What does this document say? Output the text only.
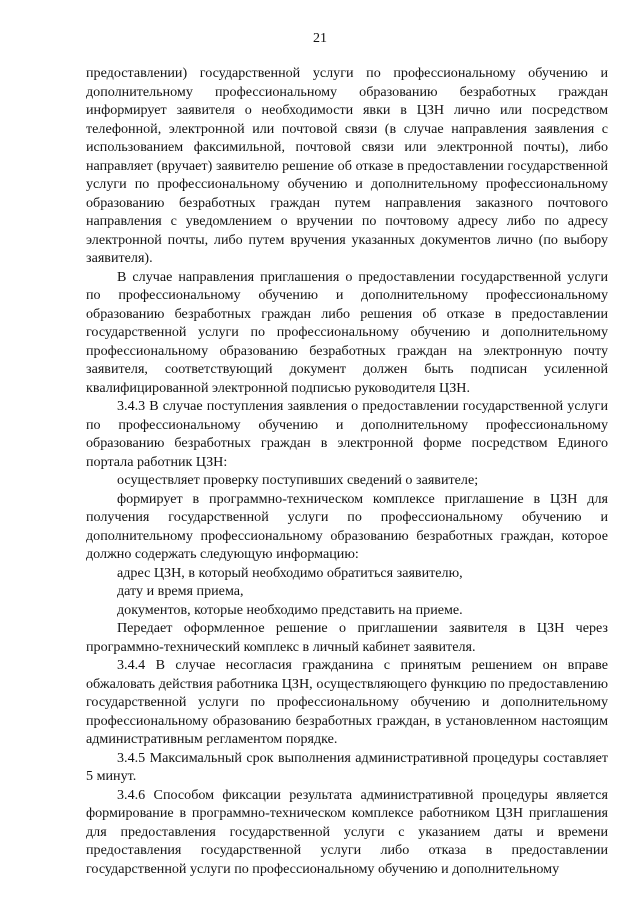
21

предоставлении) государственной услуги по профессиональному обучению и дополнительному профессиональному образованию безработных граждан информирует заявителя о необходимости явки в ЦЗН лично или посредством телефонной, электронной или почтовой связи (в случае направления заявления с использованием факсимильной, почтовой связи или электронной почты), либо направляет (вручает) заявителю решение об отказе в предоставлении государственной услуги по профессиональному обучению и дополнительному профессиональному образованию безработных граждан путем направления заказного почтового направления с уведомлением о вручении по почтовому адресу либо по адресу электронной почты, либо путем вручения указанных документов лично (по выбору заявителя).

В случае направления приглашения о предоставлении государственной услуги по профессиональному обучению и дополнительному профессиональному образованию безработных граждан либо решения об отказе в предоставлении государственной услуги по профессиональному обучению и дополнительному профессиональному образованию безработных граждан на электронную почту заявителя, соответствующий документ должен быть подписан усиленной квалифицированной электронной подписью руководителя ЦЗН.

3.4.3 В случае поступления заявления о предоставлении государственной услуги по профессиональному обучению и дополнительному профессиональному образованию безработных граждан в электронной форме посредством Единого портала работник ЦЗН:

осуществляет проверку поступивших сведений о заявителе;

формирует в программно-техническом комплексе приглашение в ЦЗН для получения государственной услуги по профессиональному обучению и дополнительному профессиональному образованию безработных граждан, которое должно содержать следующую информацию:

адрес ЦЗН, в который необходимо обратиться заявителю,

дату и время приема,

документов, которые необходимо представить на приеме.

Передает оформленное решение о приглашении заявителя в ЦЗН через программно-технический комплекс в личный кабинет заявителя.

3.4.4 В случае несогласия гражданина с принятым решением он вправе обжаловать действия работника ЦЗН, осуществляющего функцию по предоставлению государственной услуги по профессиональному обучению и дополнительному профессиональному образованию безработных граждан, в установленном настоящим административным регламентом порядке.

3.4.5 Максимальный срок выполнения административной процедуры составляет 5 минут.

3.4.6 Способом фиксации результата административной процедуры является формирование в программно-техническом комплексе работником ЦЗН приглашения для предоставления государственной услуги с указанием даты и времени предоставления государственной услуги либо отказа в предоставлении государственной услуги по профессиональному обучению и дополнительному
